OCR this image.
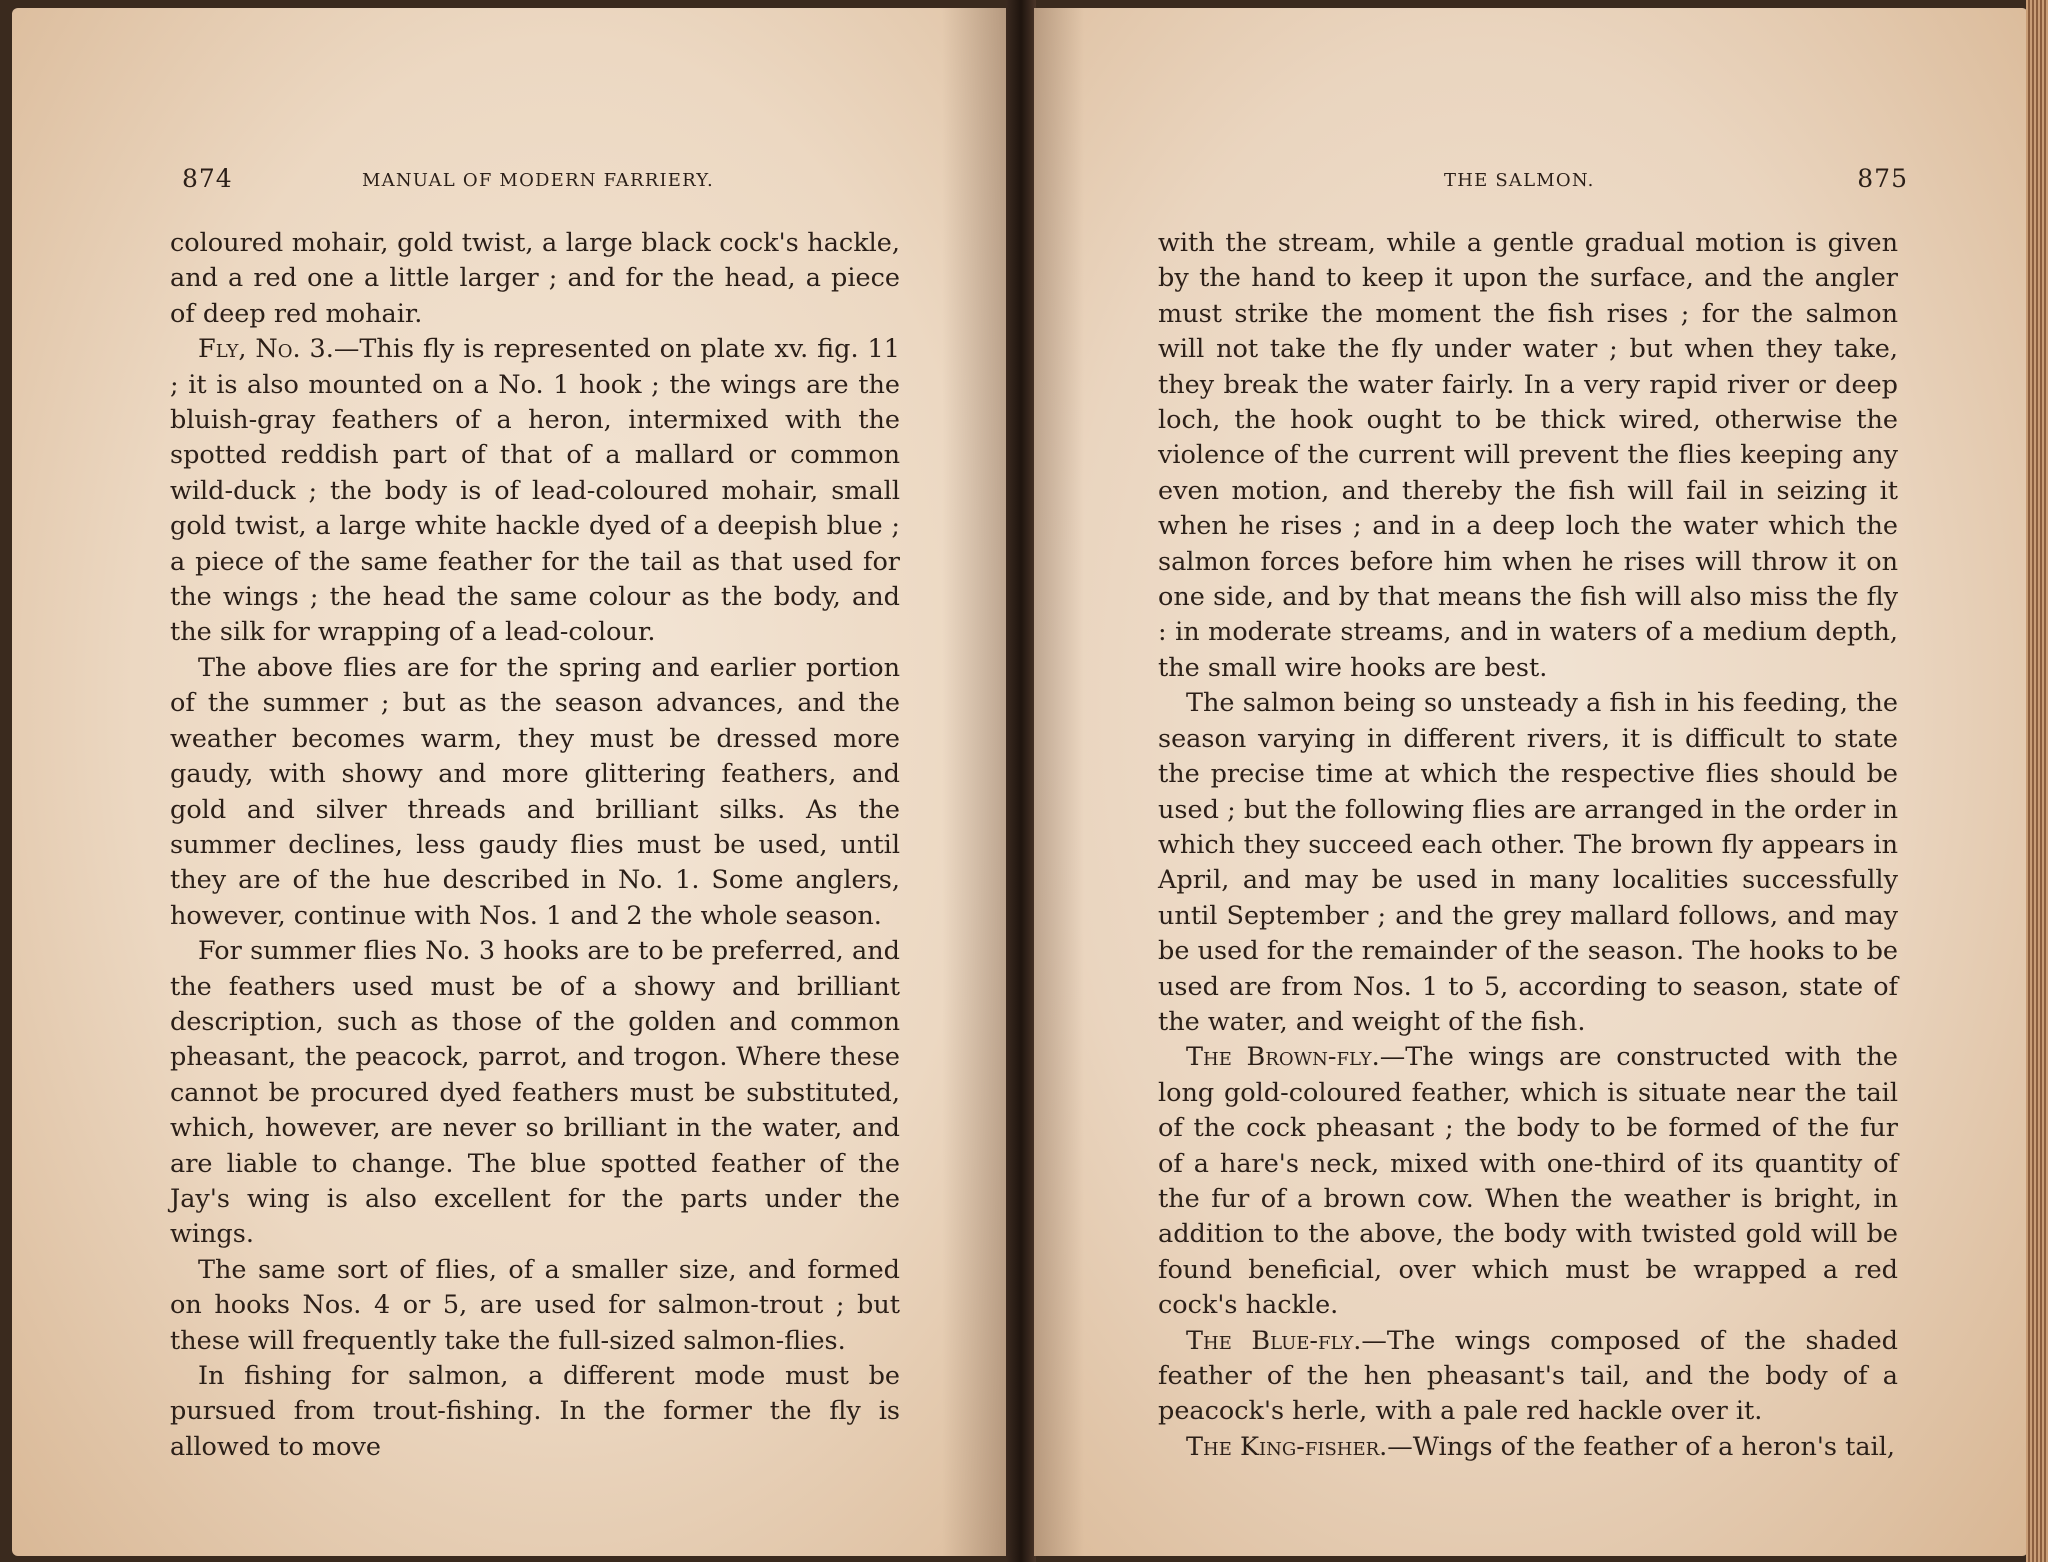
874	MANUAL OF MODERN FARRIERY.

coloured mohair, gold twist, a large black cock's hackle, and a red one a little larger ; and for the head, a piece of deep red mohair.

Fly, No. 3.—This fly is represented on plate xv. fig. 11 ; it is also mounted on a No. 1 hook ; the wings are the bluish-gray feathers of a heron, intermixed with the spotted reddish part of that of a mallard or common wild-duck ; the body is of lead-coloured mohair, small gold twist, a large white hackle dyed of a deepish blue ; a piece of the same feather for the tail as that used for the wings ; the head the same colour as the body, and the silk for wrapping of a lead-colour.

The above flies are for the spring and earlier portion of the summer ; but as the season advances, and the weather becomes warm, they must be dressed more gaudy, with showy and more glittering feathers, and gold and silver threads and brilliant silks. As the summer declines, less gaudy flies must be used, until they are of the hue described in No. 1. Some anglers, however, continue with Nos. 1 and 2 the whole season.

For summer flies No. 3 hooks are to be preferred, and the feathers used must be of a showy and brilliant description, such as those of the golden and common pheasant, the peacock, parrot, and trogon. Where these cannot be procured dyed feathers must be substituted, which, however, are never so brilliant in the water, and are liable to change. The blue spotted feather of the Jay's wing is also excellent for the parts under the wings.

The same sort of flies, of a smaller size, and formed on hooks Nos. 4 or 5, are used for salmon-trout ; but these will frequently take the full-sized salmon-flies.

In fishing for salmon, a different mode must be pursued from trout-fishing. In the former the fly is allowed to move

THE SALMON.	875

with the stream, while a gentle gradual motion is given by the hand to keep it upon the surface, and the angler must strike the moment the fish rises ; for the salmon will not take the fly under water ; but when they take, they break the water fairly. In a very rapid river or deep loch, the hook ought to be thick wired, otherwise the violence of the current will prevent the flies keeping any even motion, and thereby the fish will fail in seizing it when he rises ; and in a deep loch the water which the salmon forces before him when he rises will throw it on one side, and by that means the fish will also miss the fly : in moderate streams, and in waters of a medium depth, the small wire hooks are best.

The salmon being so unsteady a fish in his feeding, the season varying in different rivers, it is difficult to state the precise time at which the respective flies should be used ; but the following flies are arranged in the order in which they succeed each other. The brown fly appears in April, and may be used in many localities successfully until September ; and the grey mallard follows, and may be used for the remainder of the season. The hooks to be used are from Nos. 1 to 5, according to season, state of the water, and weight of the fish.

The Brown-fly.—The wings are constructed with the long gold-coloured feather, which is situate near the tail of the cock pheasant ; the body to be formed of the fur of a hare's neck, mixed with one-third of its quantity of the fur of a brown cow. When the weather is bright, in addition to the above, the body with twisted gold will be found beneficial, over which must be wrapped a red cock's hackle.

The Blue-fly.—The wings composed of the shaded feather of the hen pheasant's tail, and the body of a peacock's herle, with a pale red hackle over it.

The King-fisher.—Wings of the feather of a heron's tail,
